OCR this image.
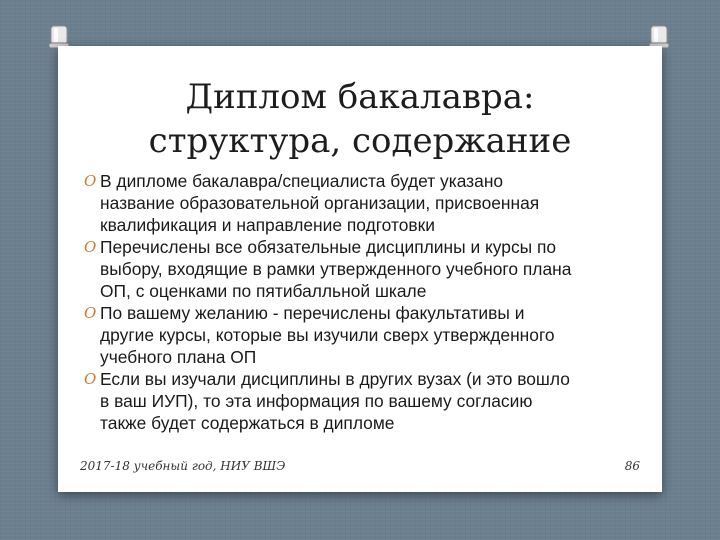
Диплом бакалавра:
структура, содержание
O В дипломе бакалавра/специалиста будет указано
название образовательной организации, присвоенная
квалификация и направление подготовки
O Перечислены все обязательные дисциплины и курсы по
выбору, входящие в рамки утвержденного учебного плана
ОП, с оценками по пятибалльной шкале
O По вашему желанию - перечислены факультативы и
другие курсы, которые вы изучили сверх утвержденного
учебного плана ОП
O Если вы изучали дисциплины в других вузах (и это вошло
в ваш ИУП), то эта информация по вашему согласию
также будет содержаться в дипломе
2017-18 учебный год, НИУ ВШЭ	86
